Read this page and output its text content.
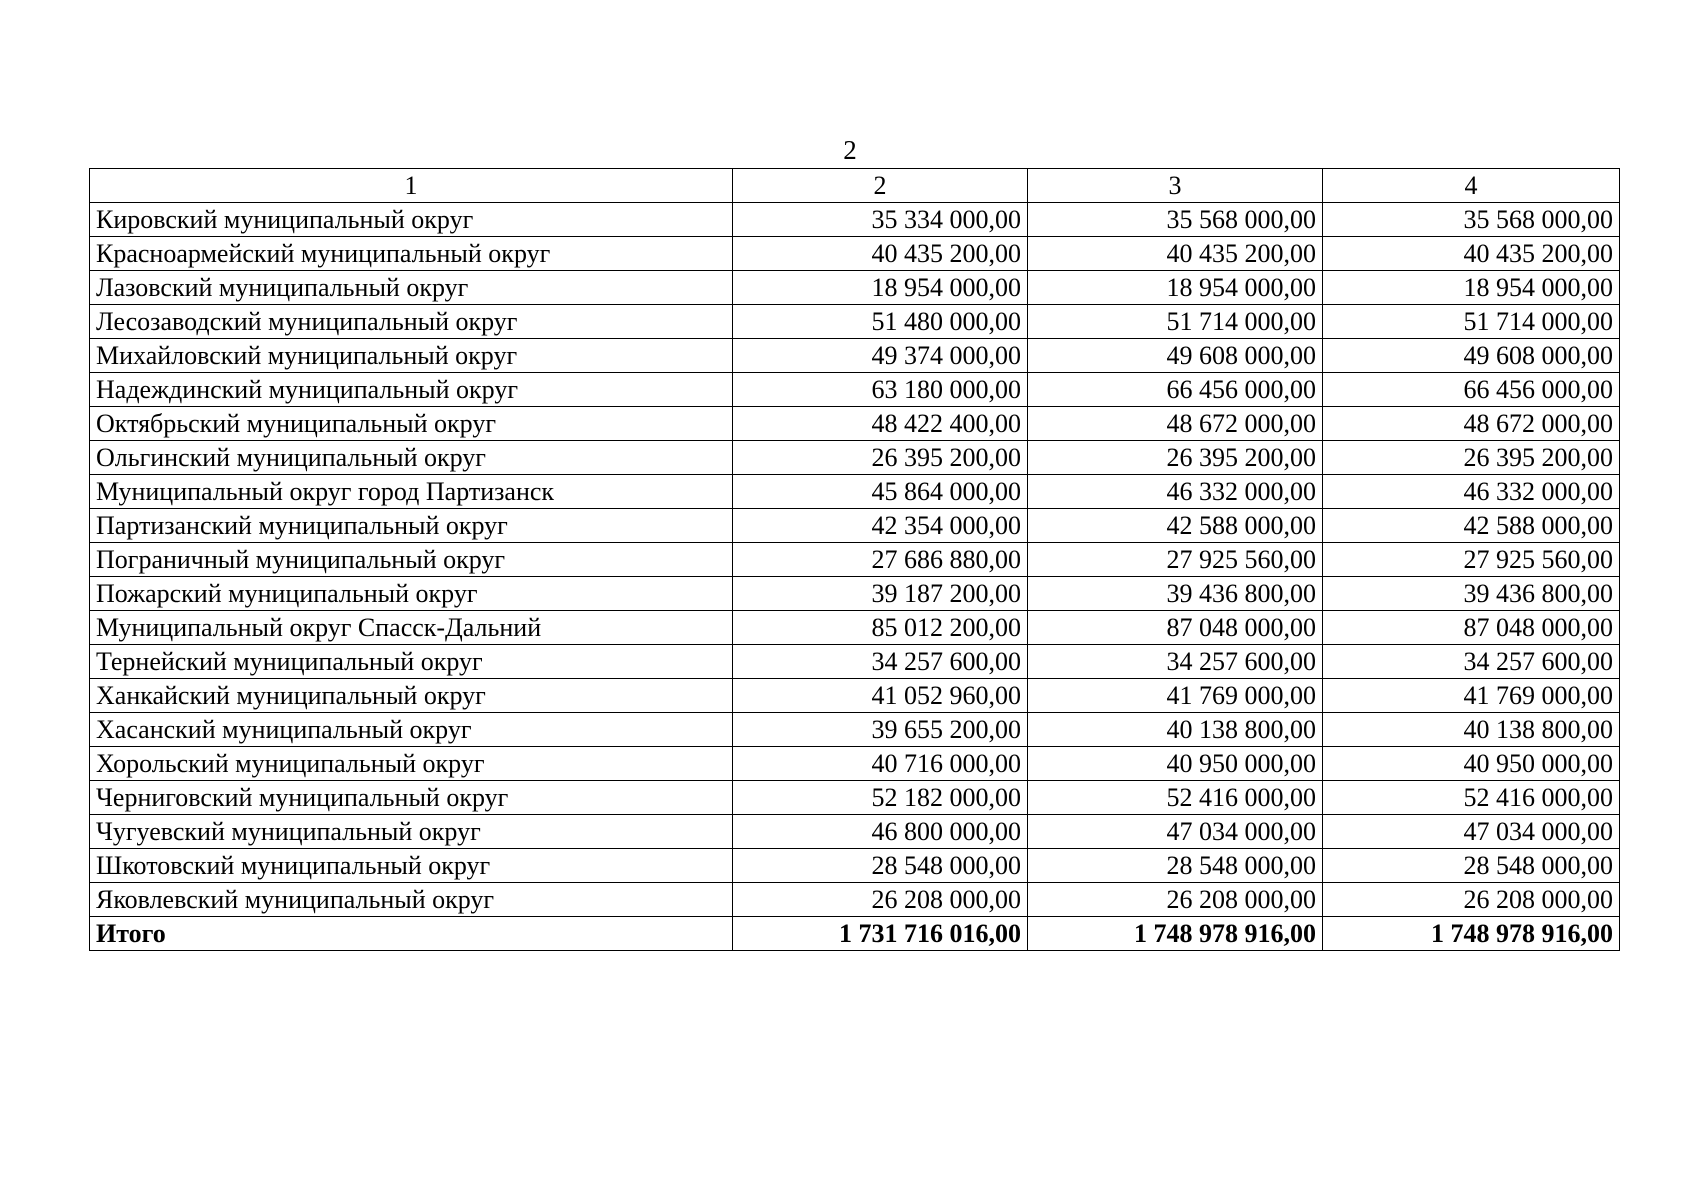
2
1	2	3	4
Кировский муниципальный округ	35 334 000,00	35 568 000,00	35 568 000,00
Красноармейский муниципальный округ	40 435 200,00	40 435 200,00	40 435 200,00
Лазовский муниципальный округ	18 954 000,00	18 954 000,00	18 954 000,00
Лесозаводский муниципальный округ	51 480 000,00	51 714 000,00	51 714 000,00
Михайловский муниципальный округ	49 374 000,00	49 608 000,00	49 608 000,00
Надеждинский муниципальный округ	63 180 000,00	66 456 000,00	66 456 000,00
Октябрьский муниципальный округ	48 422 400,00	48 672 000,00	48 672 000,00
Ольгинский муниципальный округ	26 395 200,00	26 395 200,00	26 395 200,00
Муниципальный округ город Партизанск	45 864 000,00	46 332 000,00	46 332 000,00
Партизанский муниципальный округ	42 354 000,00	42 588 000,00	42 588 000,00
Пограничный муниципальный округ	27 686 880,00	27 925 560,00	27 925 560,00
Пожарский муниципальный округ	39 187 200,00	39 436 800,00	39 436 800,00
Муниципальный округ Спасск-Дальний	85 012 200,00	87 048 000,00	87 048 000,00
Тернейский муниципальный округ	34 257 600,00	34 257 600,00	34 257 600,00
Ханкайский муниципальный округ	41 052 960,00	41 769 000,00	41 769 000,00
Хасанский муниципальный округ	39 655 200,00	40 138 800,00	40 138 800,00
Хорольский муниципальный округ	40 716 000,00	40 950 000,00	40 950 000,00
Черниговский муниципальный округ	52 182 000,00	52 416 000,00	52 416 000,00
Чугуевский муниципальный округ	46 800 000,00	47 034 000,00	47 034 000,00
Шкотовский муниципальный округ	28 548 000,00	28 548 000,00	28 548 000,00
Яковлевский муниципальный округ	26 208 000,00	26 208 000,00	26 208 000,00
Итого	1 731 716 016,00	1 748 978 916,00	1 748 978 916,00
